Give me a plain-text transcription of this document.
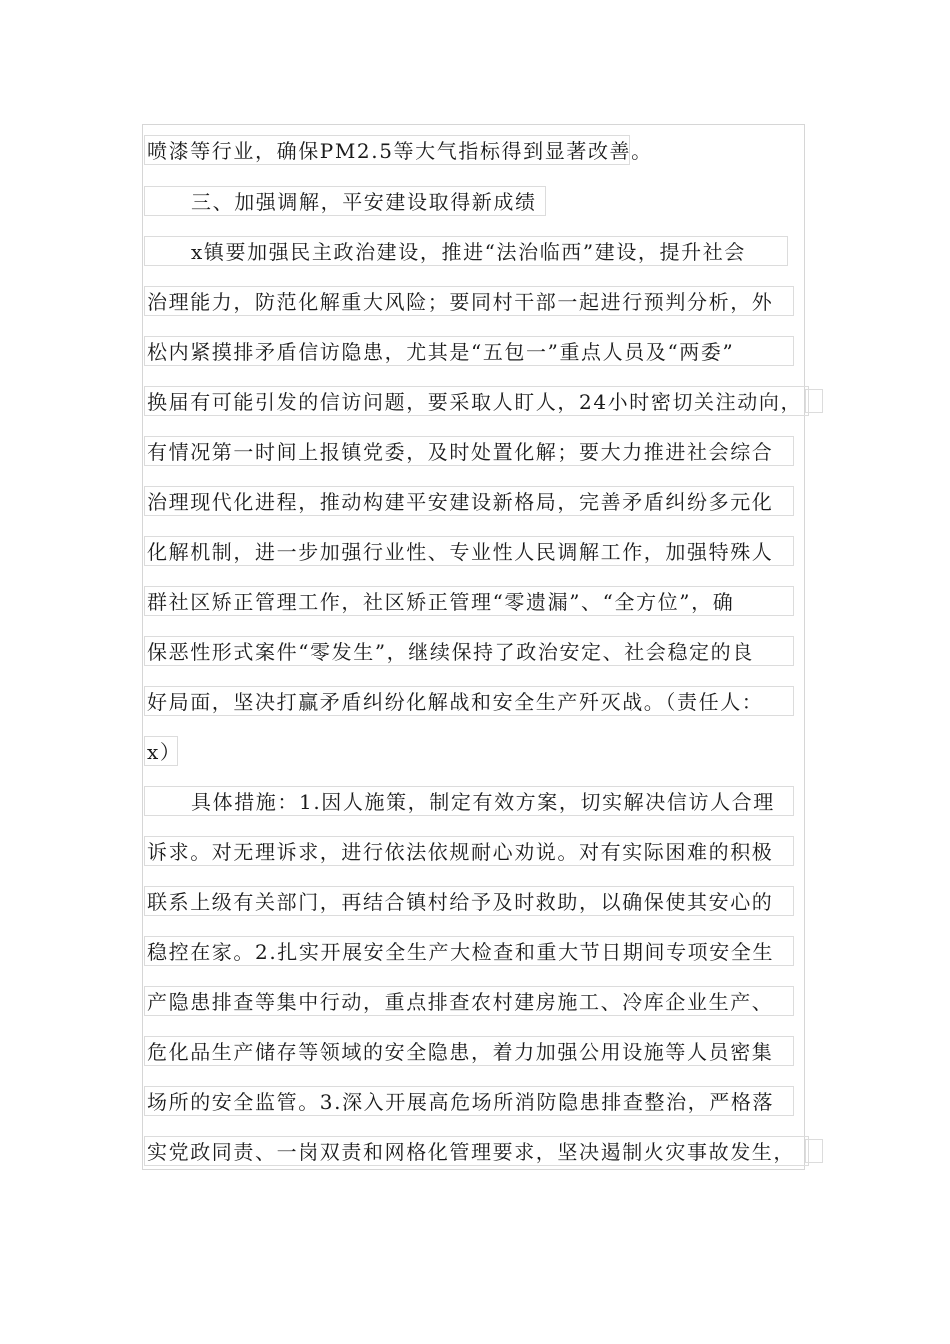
喷漆等行业，确保PM2.5等大气指标得到显著改善。
三、加强调解，平安建设取得新成绩
x镇要加强民主政治建设，推进“法治临西”建设，提升社会
治理能力，防范化解重大风险；要同村干部一起进行预判分析，外
松内紧摸排矛盾信访隐患，尤其是“五包一”重点人员及“两委”
换届有可能引发的信访问题，要采取人盯人，24小时密切关注动向，
有情况第一时间上报镇党委，及时处置化解；要大力推进社会综合
治理现代化进程，推动构建平安建设新格局，完善矛盾纠纷多元化
化解机制，进一步加强行业性、专业性人民调解工作，加强特殊人
群社区矫正管理工作，社区矫正管理“零遗漏”、“全方位”，确
保恶性形式案件“零发生”，继续保持了政治安定、社会稳定的良
好局面，坚决打赢矛盾纠纷化解战和安全生产歼灭战。（责任人：
x）
具体措施：1.因人施策，制定有效方案，切实解决信访人合理
诉求。对无理诉求，进行依法依规耐心劝说。对有实际困难的积极
联系上级有关部门，再结合镇村给予及时救助，以确保使其安心的
稳控在家。2.扎实开展安全生产大检查和重大节日期间专项安全生
产隐患排查等集中行动，重点排查农村建房施工、冷库企业生产、
危化品生产储存等领域的安全隐患，着力加强公用设施等人员密集
场所的安全监管。3.深入开展高危场所消防隐患排查整治，严格落
实党政同责、一岗双责和网格化管理要求，坚决遏制火灾事故发生，
